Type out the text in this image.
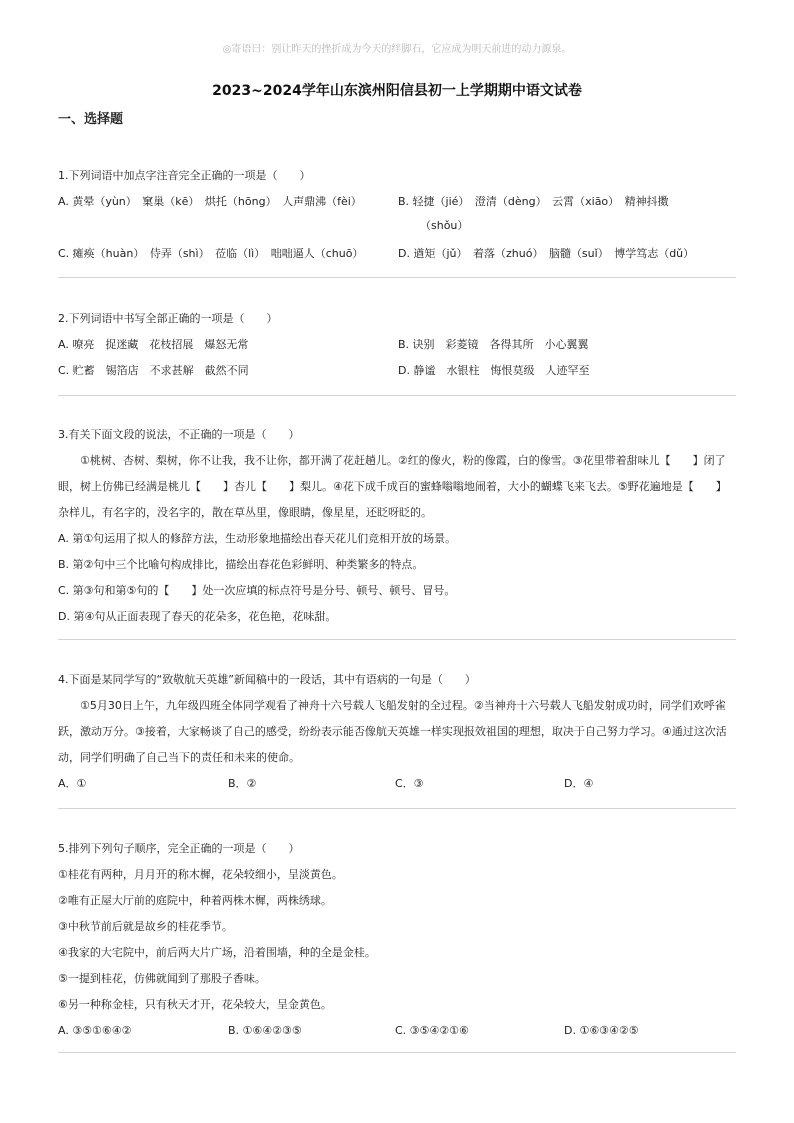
◎寄语曰：别让昨天的挫折成为今天的绊脚石，它应成为明天前进的动力源泉。
2023~2024学年山东滨州阳信县初一上学期期中语文试卷
一、选择题
1.下列词语中加点字注音完全正确的一项是（　　）
A. 黄晕（yùn）　窠巢（kē）　烘托（hōng）　人声鼎沸（fèi）	B. 轻捷（jié）　澄清（dèng）　云霄（xiāo）　精神抖擞
（shǒu）
C. 瘫痪（huàn）　侍弄（shì）　莅临（lì）　咄咄逼人（chuō）	D. 遒矩（jǔ）　着落（zhuó）　脑髓（suǐ）　博学笃志（dǔ）
2.下列词语中书写全部正确的一项是（　　）
A. 嘹亮　捉迷藏　花枝招展　爆怒无常	B. 诀别　彩菱镜　各得其所　小心翼翼
C. 贮蓄　锡箔店　不求甚解　截然不同	D. 静谧　水银柱　悔恨莫级　人迹罕至
3.有关下面文段的说法，不正确的一项是（　　）
①桃树、杏树、梨树，你不让我，我不让你，都开满了花赶趟儿。②红的像火，粉的像霞，白的像雪。③花里带着甜味儿【　　】闭了
眼，树上仿佛已经满是桃儿【　　】杏儿【　　】梨儿。④花下成千成百的蜜蜂嗡嗡地闹着，大小的蝴蝶飞来飞去。⑤野花遍地是【　　】
杂样儿，有名字的，没名字的，散在草丛里，像眼睛，像星星，还眨呀眨的。
A. 第①句运用了拟人的修辞方法，生动形象地描绘出春天花儿们竞相开放的场景。
B. 第②句中三个比喻句构成排比，描绘出春花色彩鲜明、种类繁多的特点。
C. 第③句和第⑤句的【　　】处一次应填的标点符号是分号、顿号、顿号、冒号。
D. 第④句从正面表现了春天的花朵多，花色艳，花味甜。
4.下面是某同学写的“致敬航天英雄”新闻稿中的一段话，其中有语病的一句是（　　）
①5月30日上午，九年级四班全体同学观看了神舟十六号载人飞船发射的全过程。②当神舟十六号载人飞船发射成功时，同学们欢呼雀
跃，激动万分。③接着，大家畅谈了自己的感受，纷纷表示能否像航天英雄一样实现报效祖国的理想，取决于自己努力学习。④通过这次活
动，同学们明确了自己当下的责任和未来的使命。
A．①	B．②	C．③	D．④
5.排列下列句子顺序，完全正确的一项是（　　）
①桂花有两种，月月开的称木樨，花朵较细小，呈淡黄色。
②唯有正屋大厅前的庭院中，种着两株木樨，两株绣球。
③中秋节前后就是故乡的桂花季节。
④我家的大宅院中，前后两大片广场，沿着围墙，种的全是金桂。
⑤一提到桂花，仿佛就闻到了那股子香味。
⑥另一种称金桂，只有秋天才开，花朵较大，呈金黄色。
A. ③⑤①⑥④②	B. ①⑥④②③⑤	C. ③⑤④②①⑥	D. ①⑥③④②⑤
